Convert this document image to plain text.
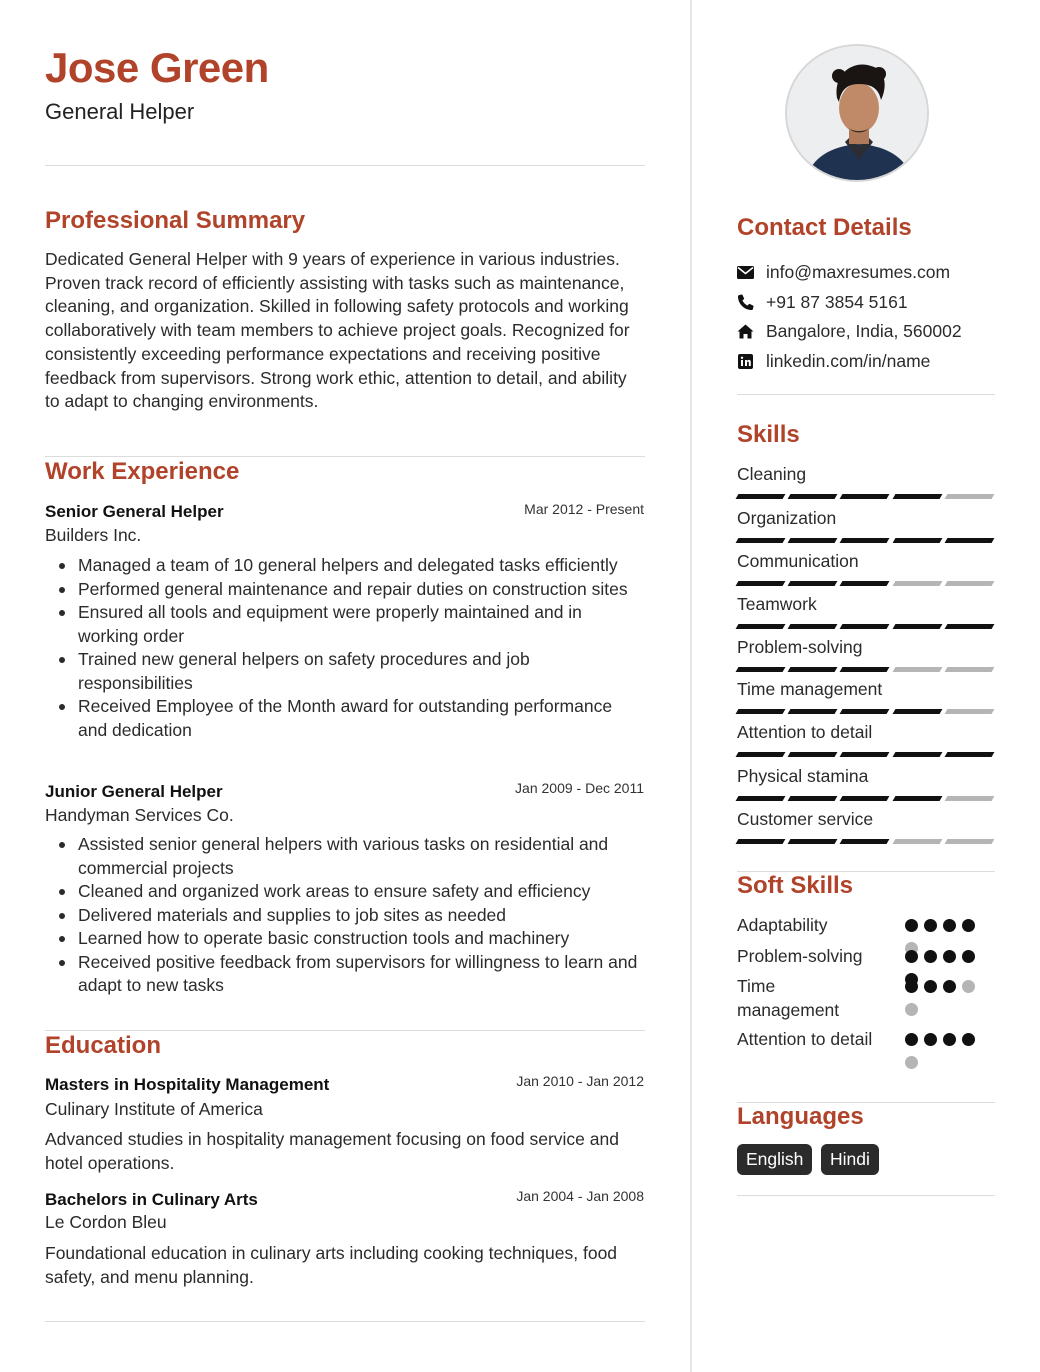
Jose Green
General Helper
Professional Summary
Dedicated General Helper with 9 years of experience in various industries. Proven track record of efficiently assisting with tasks such as maintenance, cleaning, and organization. Skilled in following safety protocols and working collaboratively with team members to achieve project goals. Recognized for consistently exceeding performance expectations and receiving positive feedback from supervisors. Strong work ethic, attention to detail, and ability to adapt to changing environments.
Work Experience
Senior General Helper	Mar 2012 - Present
Builders Inc.
Managed a team of 10 general helpers and delegated tasks efficiently
Performed general maintenance and repair duties on construction sites
Ensured all tools and equipment were properly maintained and in working order
Trained new general helpers on safety procedures and job responsibilities
Received Employee of the Month award for outstanding performance and dedication
Junior General Helper	Jan 2009 - Dec 2011
Handyman Services Co.
Assisted senior general helpers with various tasks on residential and commercial projects
Cleaned and organized work areas to ensure safety and efficiency
Delivered materials and supplies to job sites as needed
Learned how to operate basic construction tools and machinery
Received positive feedback from supervisors for willingness to learn and adapt to new tasks
Education
Masters in Hospitality Management	Jan 2010 - Jan 2012
Culinary Institute of America
Advanced studies in hospitality management focusing on food service and hotel operations.
Bachelors in Culinary Arts	Jan 2004 - Jan 2008
Le Cordon Bleu
Foundational education in culinary arts including cooking techniques, food safety, and menu planning.
Contact Details
info@maxresumes.com
+91 87 3854 5161
Bangalore, India, 560002
linkedin.com/in/name
Skills
Cleaning
Organization
Communication
Teamwork
Problem-solving
Time management
Attention to detail
Physical stamina
Customer service
Soft Skills
Adaptability
Problem-solving
Time management
Attention to detail
Languages
English	Hindi
